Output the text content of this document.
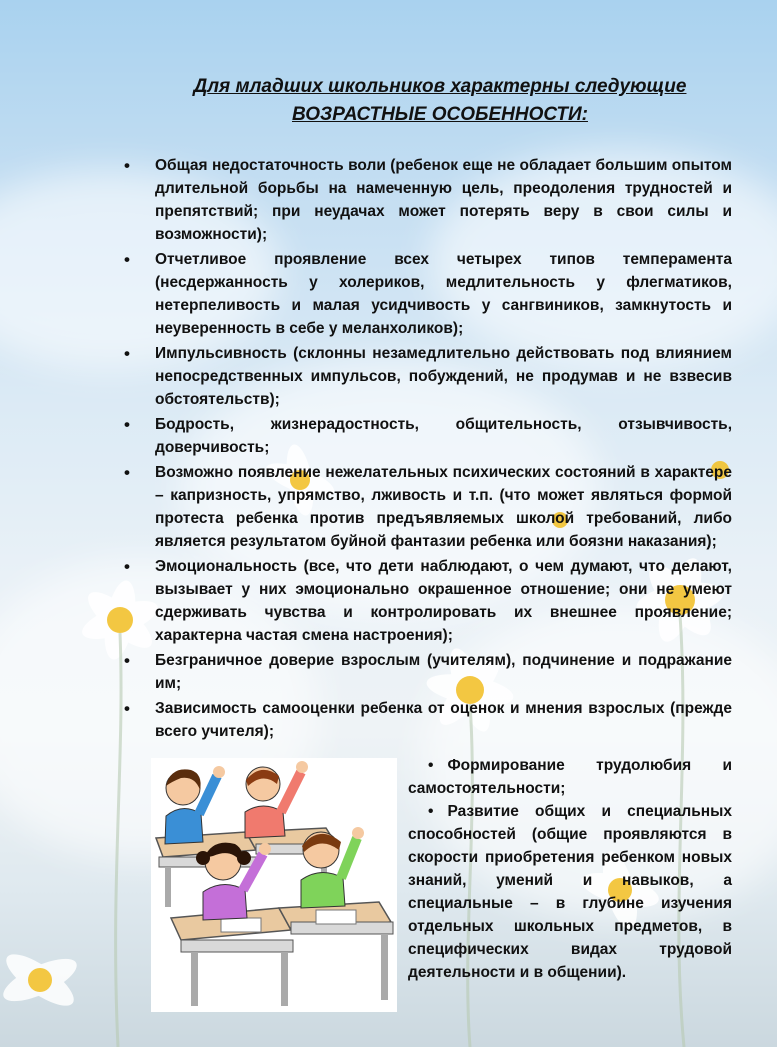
Для младших школьников характерны следующие
ВОЗРАСТНЫЕ ОСОБЕННОСТИ:
• Общая недостаточность воли (ребенок еще не обладает большим опытом длительной борьбы на намеченную цель, преодоления трудностей и препятствий; при неудачах может потерять веру в свои силы и возможности);
• Отчетливое проявление всех четырех типов темперамента (несдержанность у холериков, медлительность у флегматиков, нетерпеливость и малая усидчивость у сангвиников, замкнутость и неуверенность в себе у меланхоликов);
• Импульсивность (склонны незамедлительно действовать под влиянием непосредственных импульсов, побуждений, не продумав и не взвесив обстоятельств);
• Бодрость, жизнерадостность, общительность, отзывчивость, доверчивость;
• Возможно появление нежелательных психических состояний в характере – капризность, упрямство, лживость и т.п. (что может являться формой протеста ребенка против предъявляемых школой требований, либо является результатом буйной фантазии ребенка или боязни наказания);
• Эмоциональность (все, что дети наблюдают, о чем думают, что делают, вызывает у них эмоционально окрашенное отношение; они не умеют сдерживать чувства и контролировать их внешнее проявление; характерна частая смена настроения);
• Безграничное доверие взрослым (учителям), подчинение и подражание им;
• Зависимость самооценки ребенка от оценок и мнения взрослых (прежде всего учителя);
• Формирование трудолюбия и самостоятельности;
• Развитие общих и специальных способностей (общие проявляются в скорости приобретения ребенком новых знаний, умений и навыков, а специальные – в глубине изучения отдельных школьных предметов, в специфических видах трудовой деятельности и в общении).
